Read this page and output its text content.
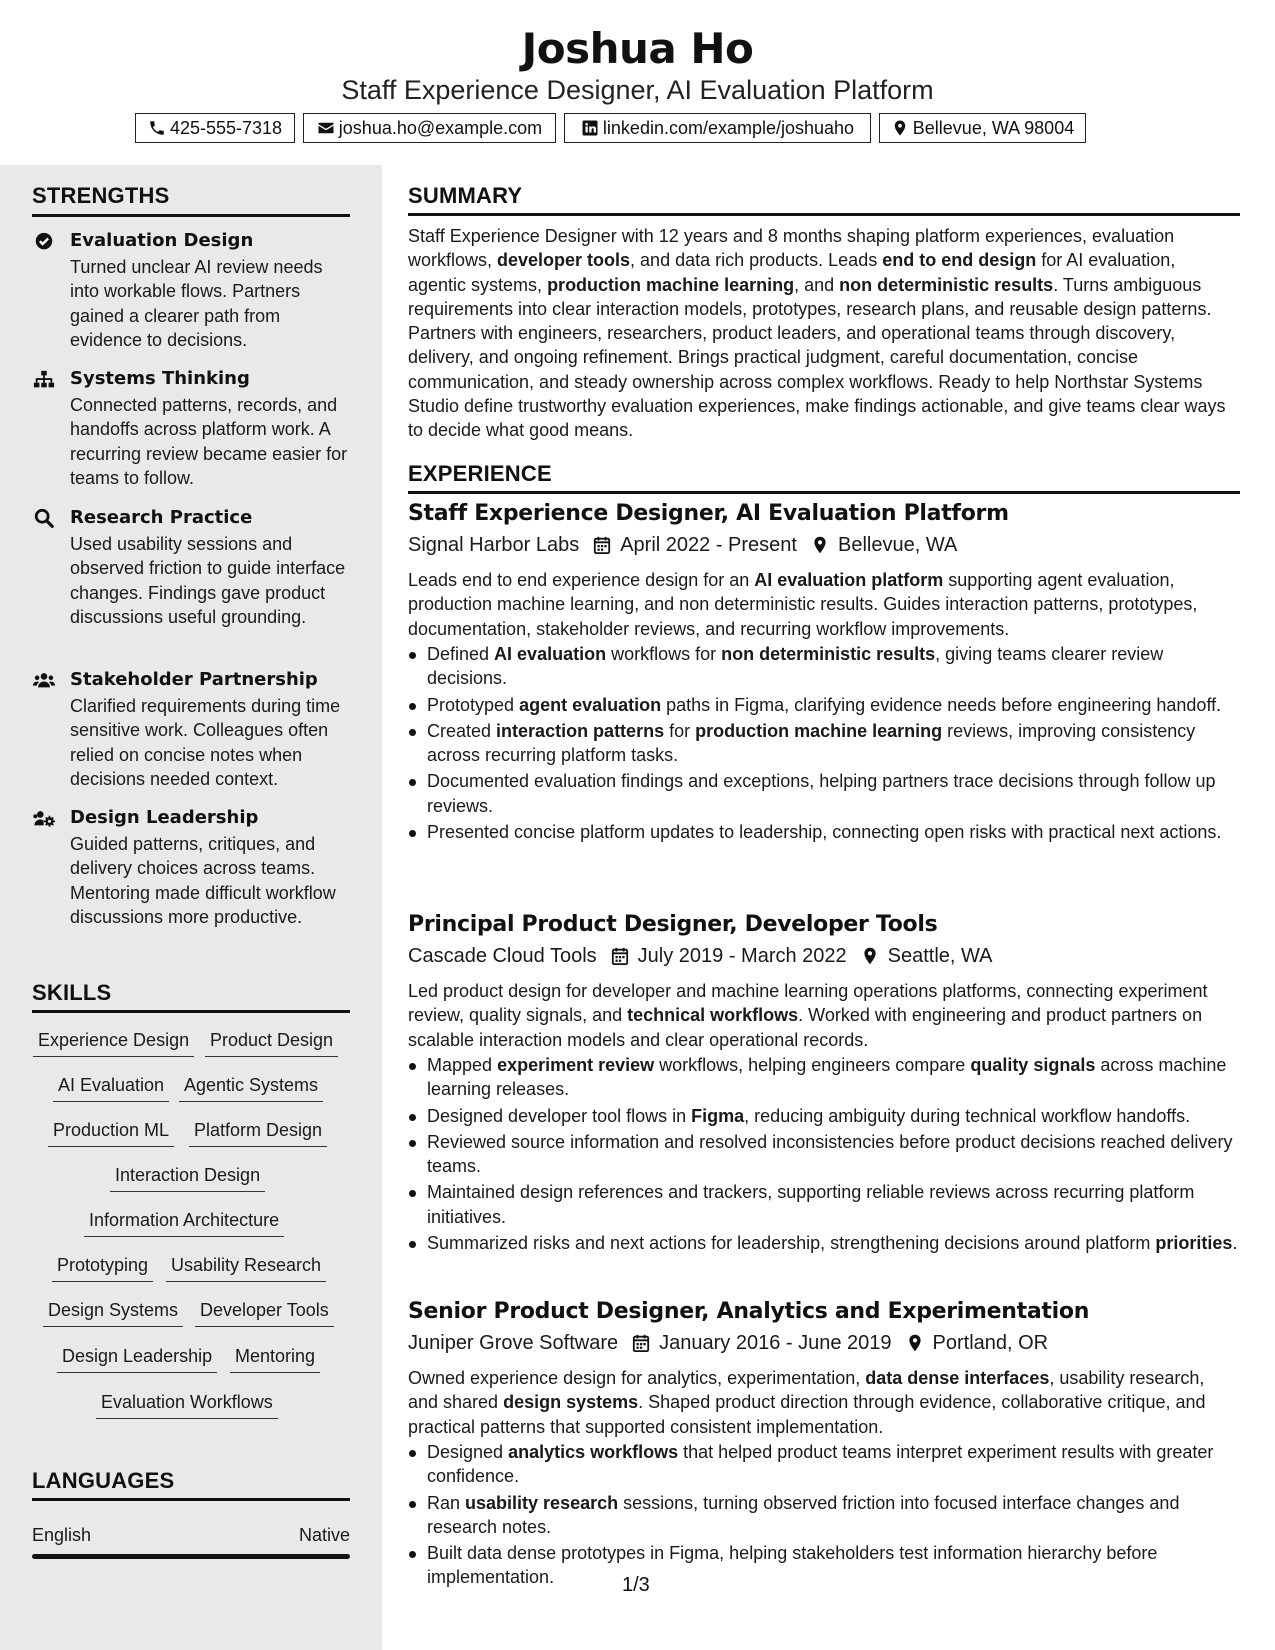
Joshua Ho
Staff Experience Designer, AI Evaluation Platform
425-555-7318	joshua.ho@example.com	linkedin.com/example/joshuaho	Bellevue, WA 98004
STRENGTHS
Evaluation Design
Turned unclear AI review needs into workable flows. Partners gained a clearer path from evidence to decisions.
Systems Thinking
Connected patterns, records, and handoffs across platform work. A recurring review became easier for teams to follow.
Research Practice
Used usability sessions and observed friction to guide interface changes. Findings gave product discussions useful grounding.
Stakeholder Partnership
Clarified requirements during time sensitive work. Colleagues often relied on concise notes when decisions needed context.
Design Leadership
Guided patterns, critiques, and delivery choices across teams. Mentoring made difficult workflow discussions more productive.
SKILLS
Experience Design Product Design
AI Evaluation Agentic Systems
Production ML Platform Design
Interaction Design
Information Architecture
Prototyping Usability Research
Design Systems Developer Tools
Design Leadership Mentoring
Evaluation Workflows
LANGUAGES
English	Native
SUMMARY
Staff Experience Designer with 12 years and 8 months shaping platform experiences, evaluation workflows, developer tools, and data rich products. Leads end to end design for AI evaluation, agentic systems, production machine learning, and non deterministic results. Turns ambiguous requirements into clear interaction models, prototypes, research plans, and reusable design patterns. Partners with engineers, researchers, product leaders, and operational teams through discovery, delivery, and ongoing refinement. Brings practical judgment, careful documentation, concise communication, and steady ownership across complex workflows. Ready to help Northstar Systems Studio define trustworthy evaluation experiences, make findings actionable, and give teams clear ways to decide what good means.
EXPERIENCE
Staff Experience Designer, AI Evaluation Platform
Signal Harbor Labs April 2022 - Present Bellevue, WA
Leads end to end experience design for an AI evaluation platform supporting agent evaluation, production machine learning, and non deterministic results. Guides interaction patterns, prototypes, documentation, stakeholder reviews, and recurring workflow improvements.
Defined AI evaluation workflows for non deterministic results, giving teams clearer review decisions.
Prototyped agent evaluation paths in Figma, clarifying evidence needs before engineering handoff.
Created interaction patterns for production machine learning reviews, improving consistency across recurring platform tasks.
Documented evaluation findings and exceptions, helping partners trace decisions through follow up reviews.
Presented concise platform updates to leadership, connecting open risks with practical next actions.
Principal Product Designer, Developer Tools
Cascade Cloud Tools July 2019 - March 2022 Seattle, WA
Led product design for developer and machine learning operations platforms, connecting experiment review, quality signals, and technical workflows. Worked with engineering and product partners on scalable interaction models and clear operational records.
Mapped experiment review workflows, helping engineers compare quality signals across machine learning releases.
Designed developer tool flows in Figma, reducing ambiguity during technical workflow handoffs.
Reviewed source information and resolved inconsistencies before product decisions reached delivery teams.
Maintained design references and trackers, supporting reliable reviews across recurring platform initiatives.
Summarized risks and next actions for leadership, strengthening decisions around platform priorities.
Senior Product Designer, Analytics and Experimentation
Juniper Grove Software January 2016 - June 2019 Portland, OR
Owned experience design for analytics, experimentation, data dense interfaces, usability research, and shared design systems. Shaped product direction through evidence, collaborative critique, and practical patterns that supported consistent implementation.
Designed analytics workflows that helped product teams interpret experiment results with greater confidence.
Ran usability research sessions, turning observed friction into focused interface changes and research notes.
Built data dense prototypes in Figma, helping stakeholders test information hierarchy before implementation.	1/3
